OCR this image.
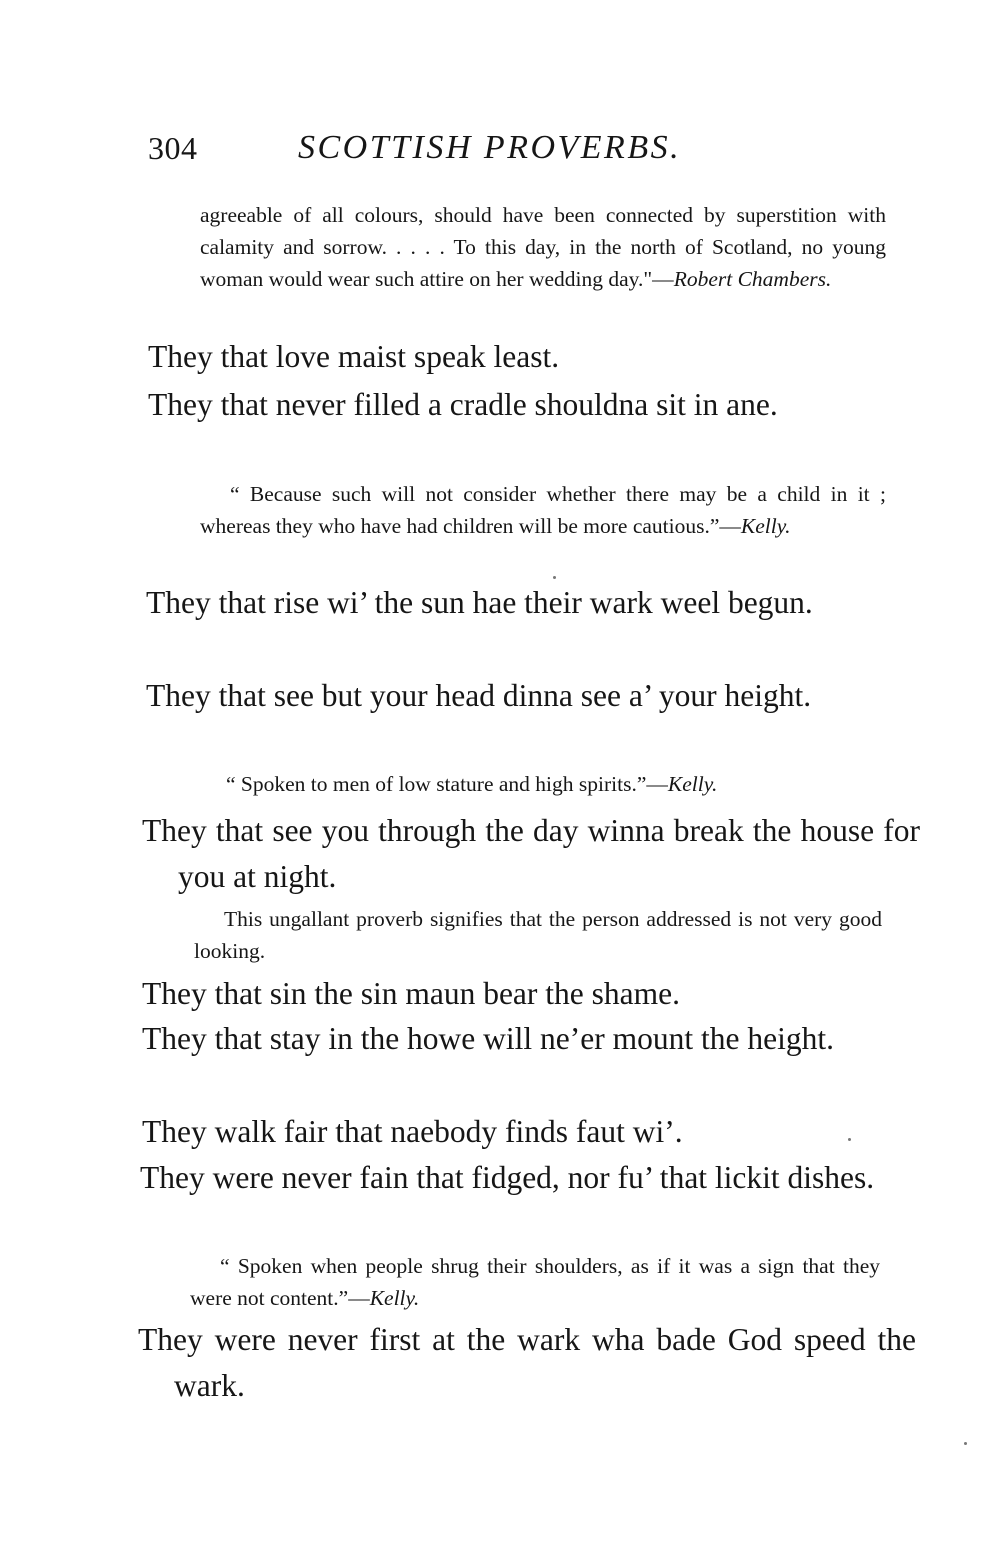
304	SCOTTISH PROVERBS.
agreeable of all colours, should have been connected by superstition with calamity and sorrow. . . . . To this day, in the north of Scotland, no young woman would wear such attire on her wedding day."—Robert Chambers.

They that love maist speak least.

They that never filled a cradle shouldna sit in ane.

“ Because such will not consider whether there may be a child in it ; whereas they who have had children will be more cautious.”—Kelly.

They that rise wi’ the sun hae their wark weel begun.

They that see but your head dinna see a’ your height.

“ Spoken to men of low stature and high spirits.”—Kelly.

They that see you through the day winna break the house for you at night.

This ungallant proverb signifies that the person addressed is not very good looking.

They that sin the sin maun bear the shame.

They that stay in the howe will ne’er mount the height.

They walk fair that naebody finds faut wi’.

They were never fain that fidged, nor fu’ that lickit dishes.

“ Spoken when people shrug their shoulders, as if it was a sign that they were not content.”—Kelly.

They were never first at the wark wha bade God speed the wark.
